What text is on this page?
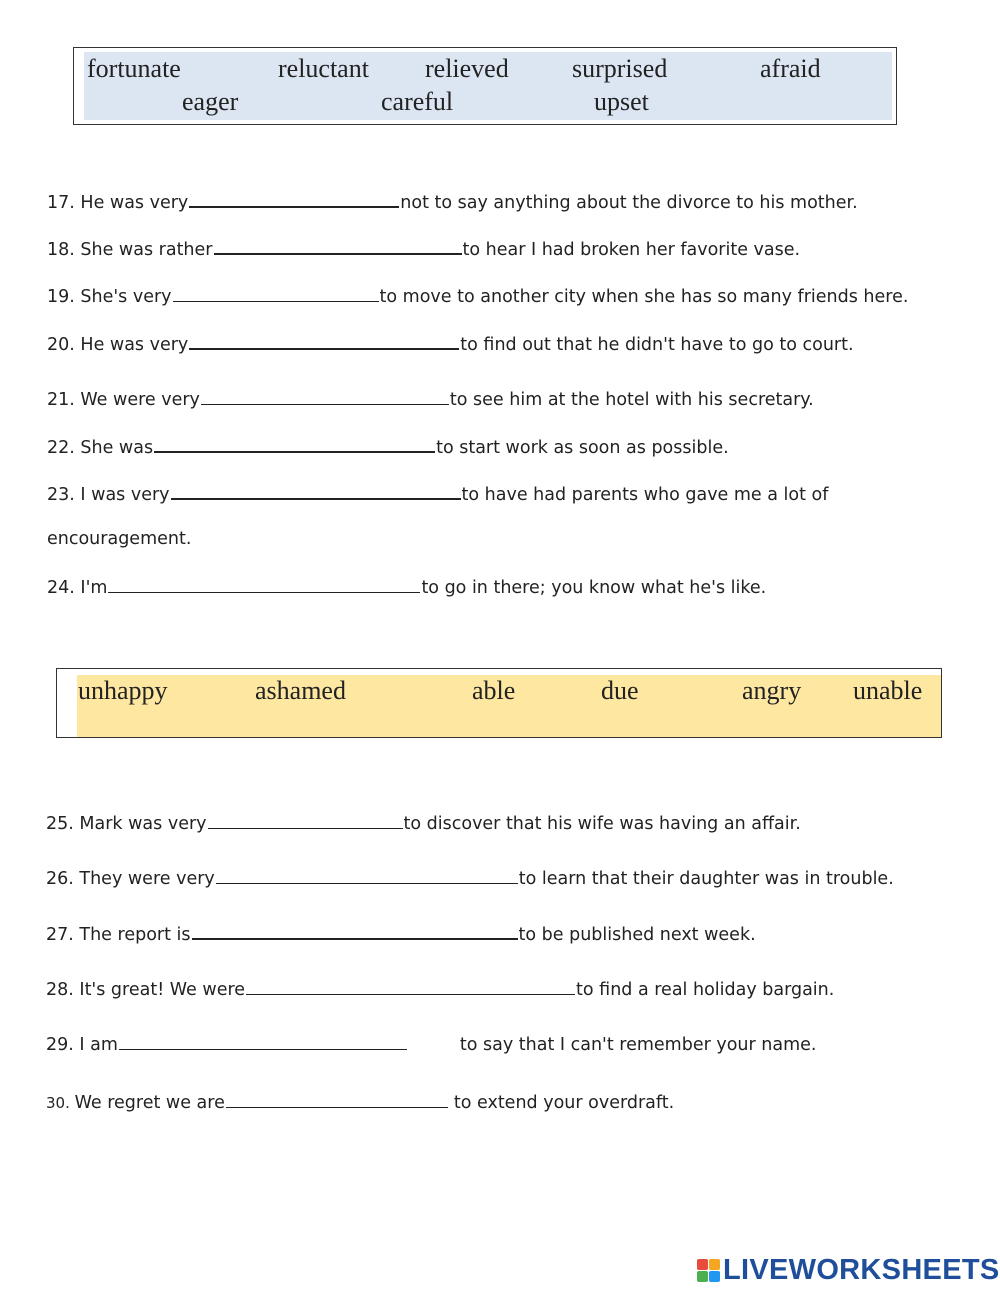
fortunate	reluctant relieved surprised	afraid
eager	careful	upset
17. He was very	not to say anything about the divorce to his mother.
18. She was rather	to hear I had broken her favorite vase.
19. She's very	to move to another city when she has so many friends here.
20. He was very	to find out that he didn't have to go to court.
21. We were very	to see him at the hotel with his secretary.
22. She was	to start work as soon as possible.
23. I was very	to have had parents who gave me a lot of
encouragement.
24. I'm	to go in there; you know what he's like.
unhappy	ashamed	able	due	angry unable
25. Mark was very	to discover that his wife was having an affair.
26. They were very	to learn that their daughter was in trouble.
27. The report is	to be published next week.
28. It's great! We were	to find a real holiday bargain.
29. I am	to say that I can't remember your name.
30. We regret we are	to extend your overdraft.
LIVEWORKSHEETS
